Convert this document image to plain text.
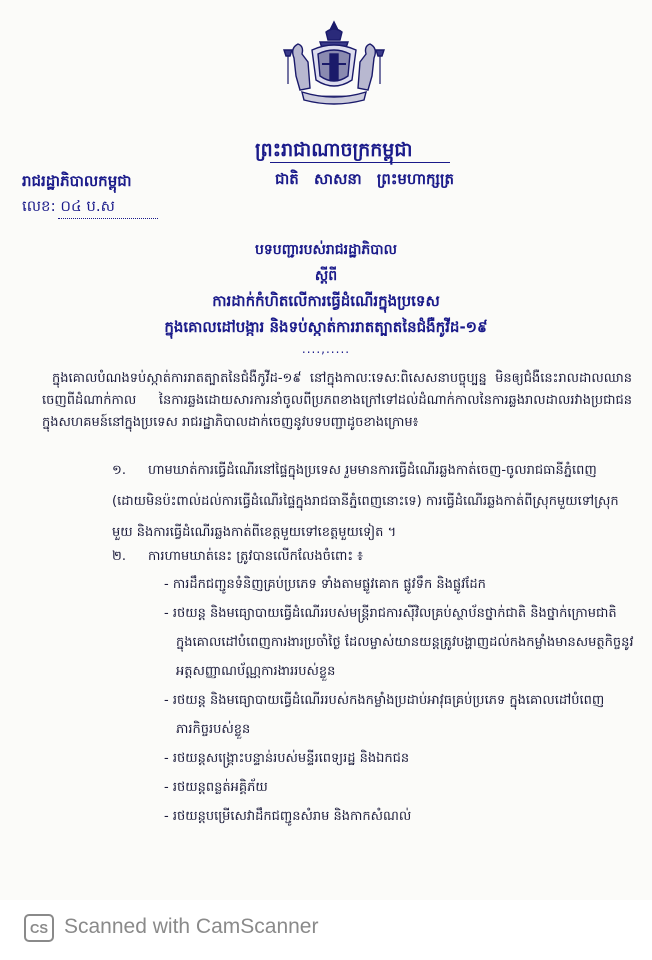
ព្រះរាជាណាចក្រកម្ពុជា
ជាតិ សាសនា ព្រះមហាក្សត្រ
រាជរដ្ឋាភិបាលកម្ពុជា
លេខ: ០៤ ប.ស
បទបញ្ជារបស់រាជរដ្ឋាភិបាល
ស្តីពី
ការដាក់កំហិតលើការធ្វើដំណើរក្នុងប្រទេស
ក្នុងគោលដៅបង្ការ និងទប់ស្កាត់ការរាតត្បាតនៃជំងឺកូវីដ-១៩
....,.....
ក្នុងគោលបំណងទប់ស្កាត់ការរាតត្បាតនៃជំងឺកូវីដ-១៩ នៅក្នុងកាលៈទេសៈពិសេសនាបច្ចុប្បន្ន មិនឲ្យជំងឺនេះរាលដាលឈានចេញពីដំណាក់កាល នៃការឆ្លងដោយសារការនាំចូលពីប្រភពខាងក្រៅទៅដល់ដំណាក់កាលនៃការឆ្លងរាលដាលរវាងប្រជាជនក្នុងសហគមន៍នៅក្នុងប្រទេស រាជរដ្ឋាភិបាលដាក់ចេញនូវបទបញ្ជាដូចខាងក្រោម៖
១. ហាមឃាត់ការធ្វើដំណើរនៅផ្ទៃក្នុងប្រទេស រួមមានការធ្វើដំណើរឆ្លងកាត់ចេញ-ចូលរាជធានីភ្នំពេញ (ដោយមិនប៉ះពាល់ដល់ការធ្វើដំណើរផ្ទៃក្នុងរាជធានីភ្នំពេញនោះទេ) ការធ្វើដំណើរឆ្លងកាត់ពីស្រុកមួយទៅស្រុកមួយ និងការធ្វើដំណើរឆ្លងកាត់ពីខេត្តមួយទៅខេត្តមួយទៀត ។
២. ការហាមឃាត់នេះ ត្រូវបានលើកលែងចំពោះ ៖
- ការដឹកជញ្ជូនទំនិញគ្រប់ប្រភេទ ទាំងតាមផ្លូវគោក ផ្លូវទឹក និងផ្លូវដែក
- រថយន្ត និងមធ្យោបាយធ្វើដំណើររបស់មន្ត្រីរាជការស៊ីវិលគ្រប់ស្ថាប័នថ្នាក់ជាតិ និងថ្នាក់ក្រោមជាតិ ក្នុងគោលដៅបំពេញការងារប្រចាំថ្ងៃ ដែលម្ចាស់យានយន្តត្រូវបង្ហាញដល់កងកម្លាំងមានសមត្ថកិច្ចនូវអត្តសញ្ញាណប័ណ្ណការងាររបស់ខ្លួន
- រថយន្ត និងមធ្យោបាយធ្វើដំណើររបស់កងកម្លាំងប្រដាប់អាវុធគ្រប់ប្រភេទ ក្នុងគោលដៅបំពេញភារកិច្ចរបស់ខ្លួន
- រថយន្តសង្គ្រោះបន្ទាន់របស់មន្ទីរពេទ្យរដ្ឋ និងឯកជន
- រថយន្តពន្លត់អគ្គិភ័យ
- រថយន្តបម្រើសេវាដឹកជញ្ជូនសំរាម និងកាកសំណល់
CS Scanned with CamScanner
